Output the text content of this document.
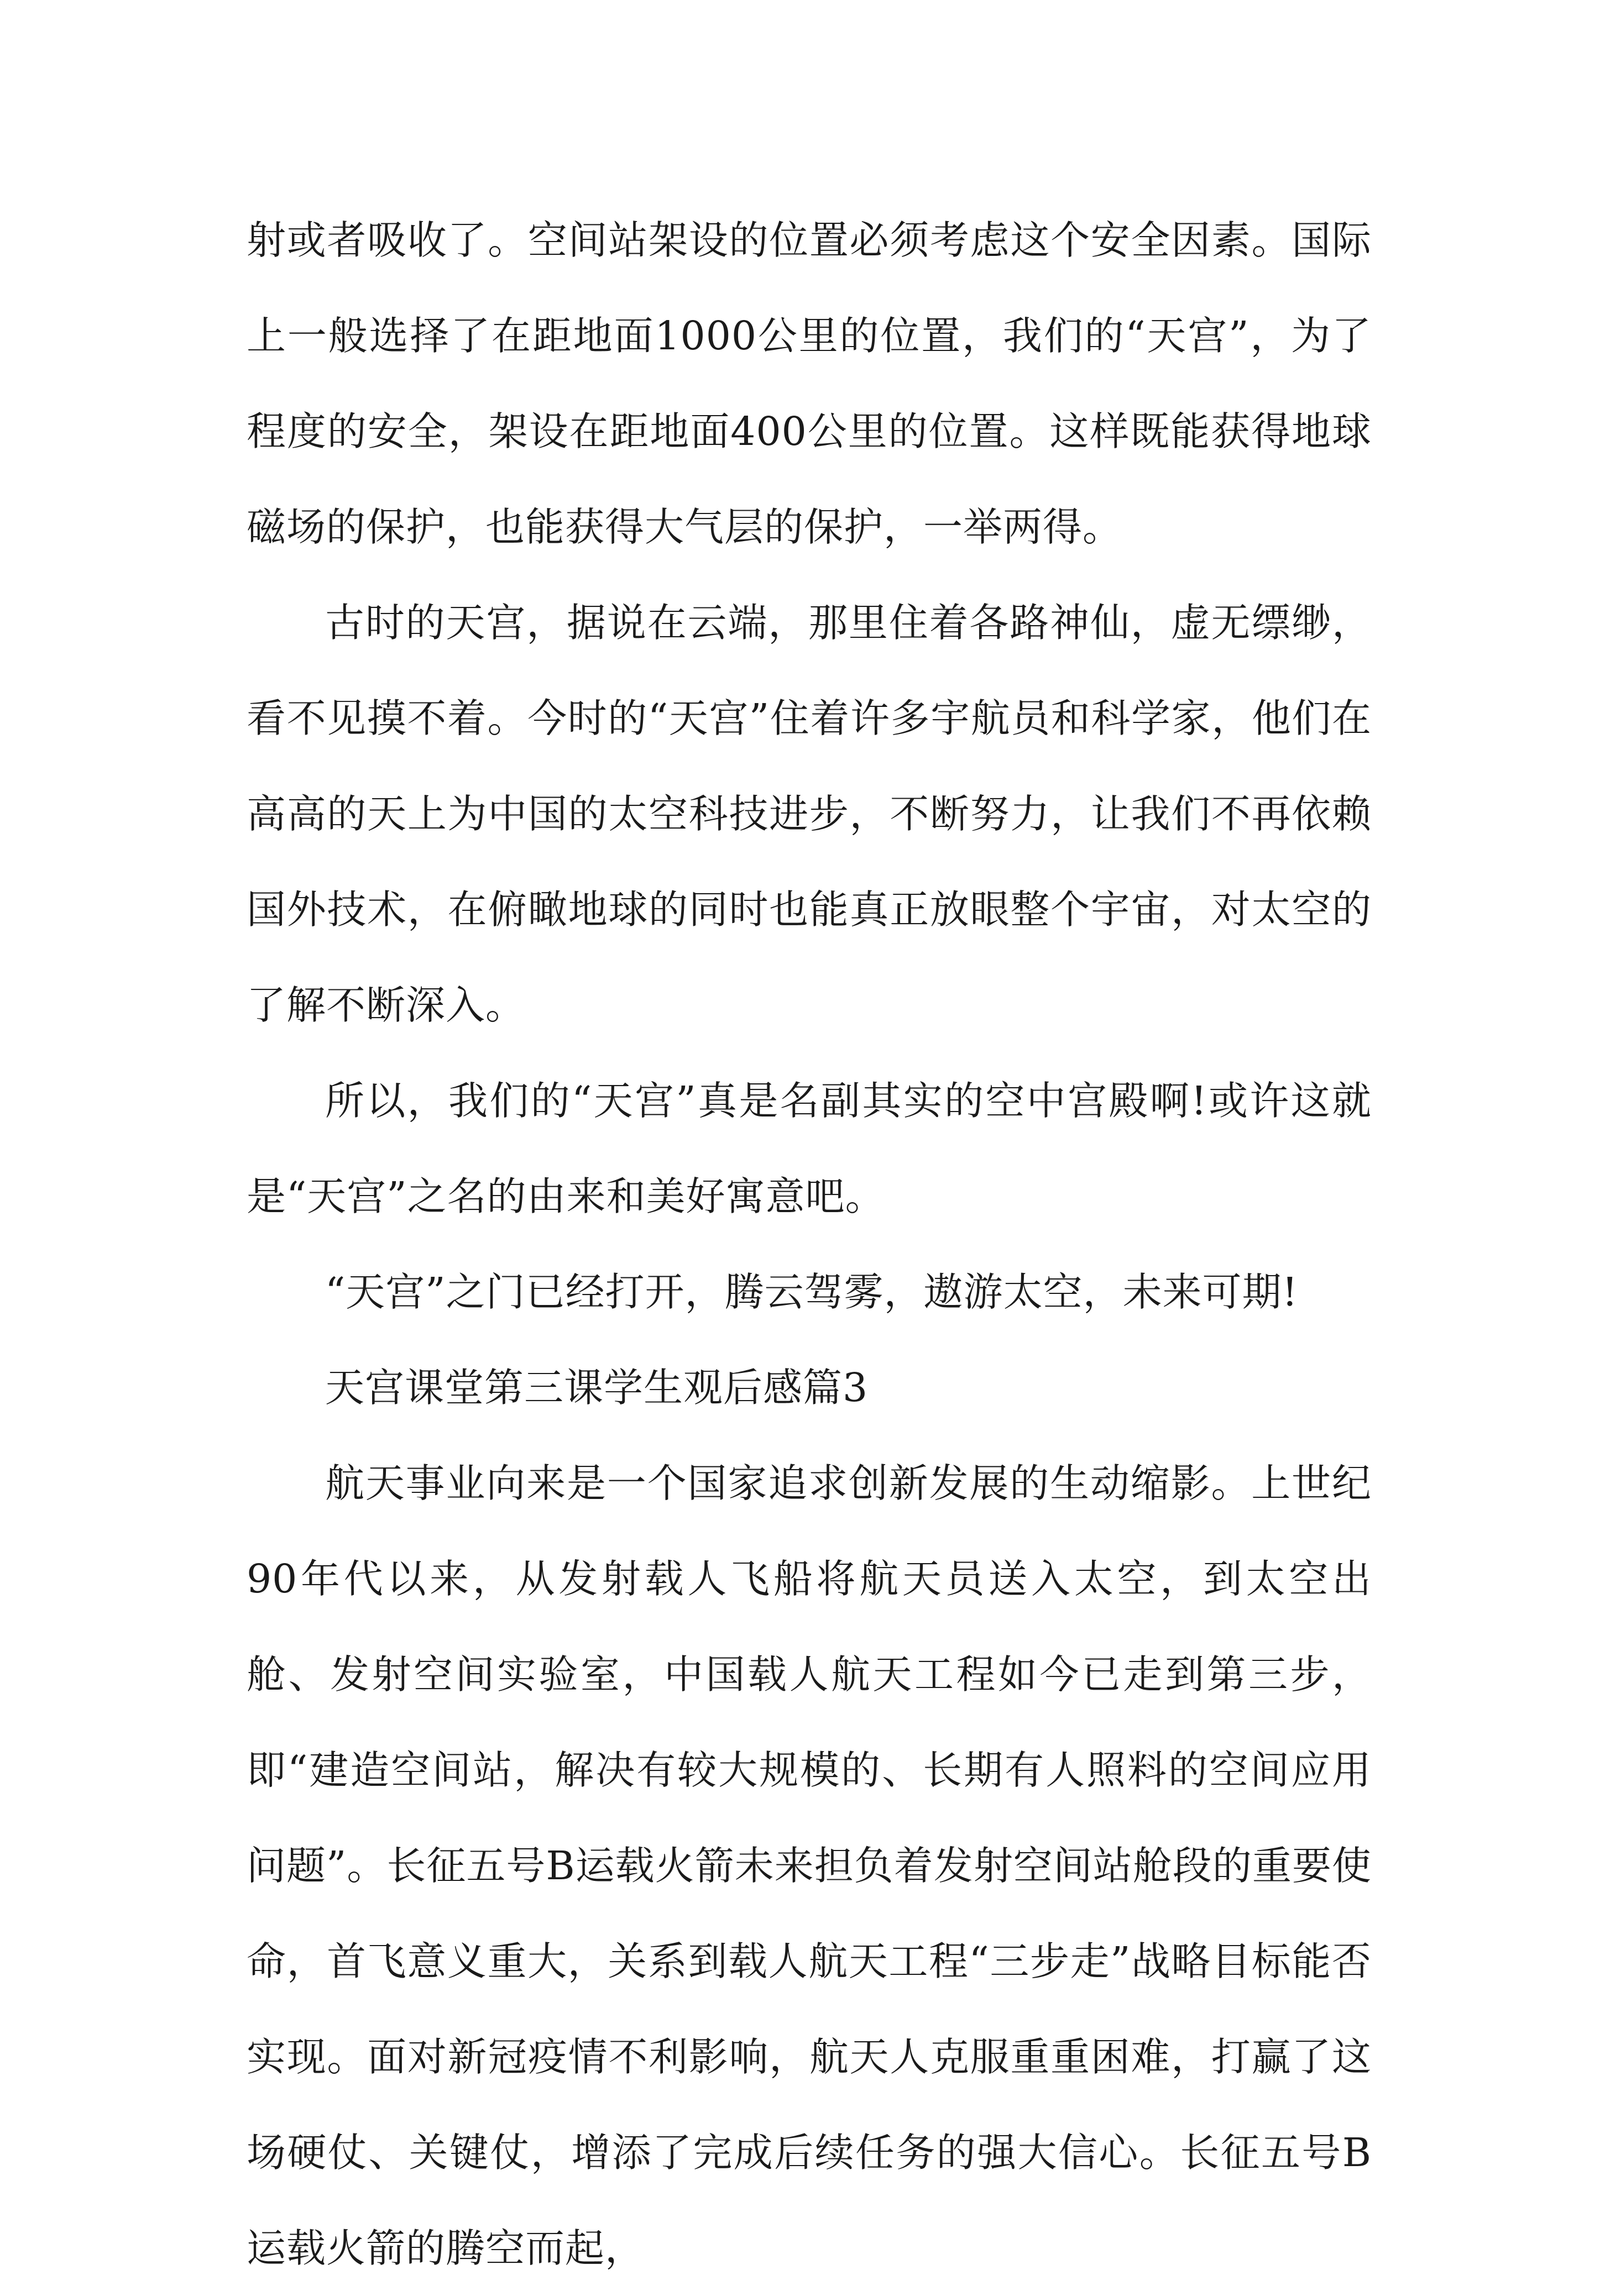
射或者吸收了。空间站架设的位置必须考虑这个安全因素。国际上一般选择了在距地面1000公里的位置，我们的“天宫”，为了程度的安全，架设在距地面400公里的位置。这样既能获得地球磁场的保护，也能获得大气层的保护，一举两得。

古时的天宫，据说在云端，那里住着各路神仙，虚无缥缈，看不见摸不着。今时的“天宫”住着许多宇航员和科学家，他们在高高的天上为中国的太空科技进步，不断努力，让我们不再依赖国外技术，在俯瞰地球的同时也能真正放眼整个宇宙，对太空的了解不断深入。

所以，我们的“天宫”真是名副其实的空中宫殿啊!或许这就是“天宫”之名的由来和美好寓意吧。

“天宫”之门已经打开，腾云驾雾，遨游太空，未来可期!

天宫课堂第三课学生观后感篇3

航天事业向来是一个国家追求创新发展的生动缩影。上世纪90年代以来，从发射载人飞船将航天员送入太空，到太空出舱、发射空间实验室，中国载人航天工程如今已走到第三步，即“建造空间站，解决有较大规模的、长期有人照料的空间应用问题”。长征五号B运载火箭未来担负着发射空间站舱段的重要使命，首飞意义重大，关系到载人航天工程“三步走”战略目标能否实现。面对新冠疫情不利影响，航天人克服重重困难，打赢了这场硬仗、关键仗，增添了完成后续任务的强大信心。长征五号B运载火箭的腾空而起，
